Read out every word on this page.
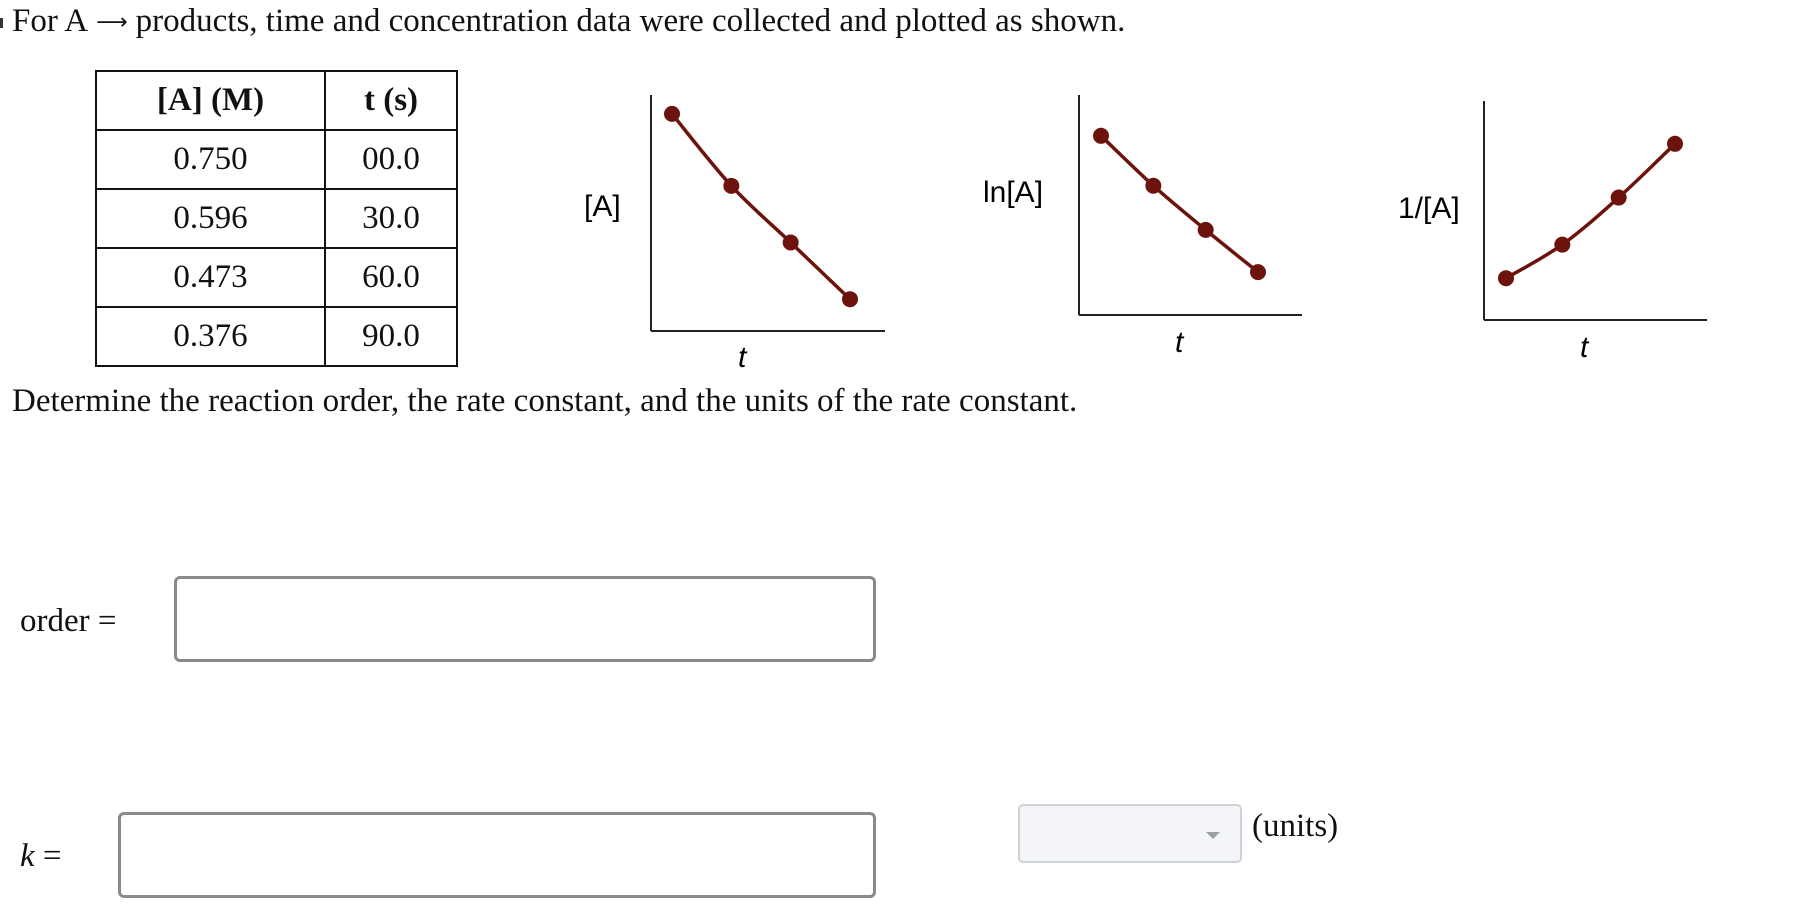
For A ⟶ products, time and concentration data were collected and plotted as shown.
[A] (M)	t (s)
0.750	00.0
0.596	30.0
0.473	60.0
0.376	90.0
[A]
t
ln[A]
t
1/[A]
t
Determine the reaction order, the rate constant, and the units of the rate constant.
order =
k =
(units)
